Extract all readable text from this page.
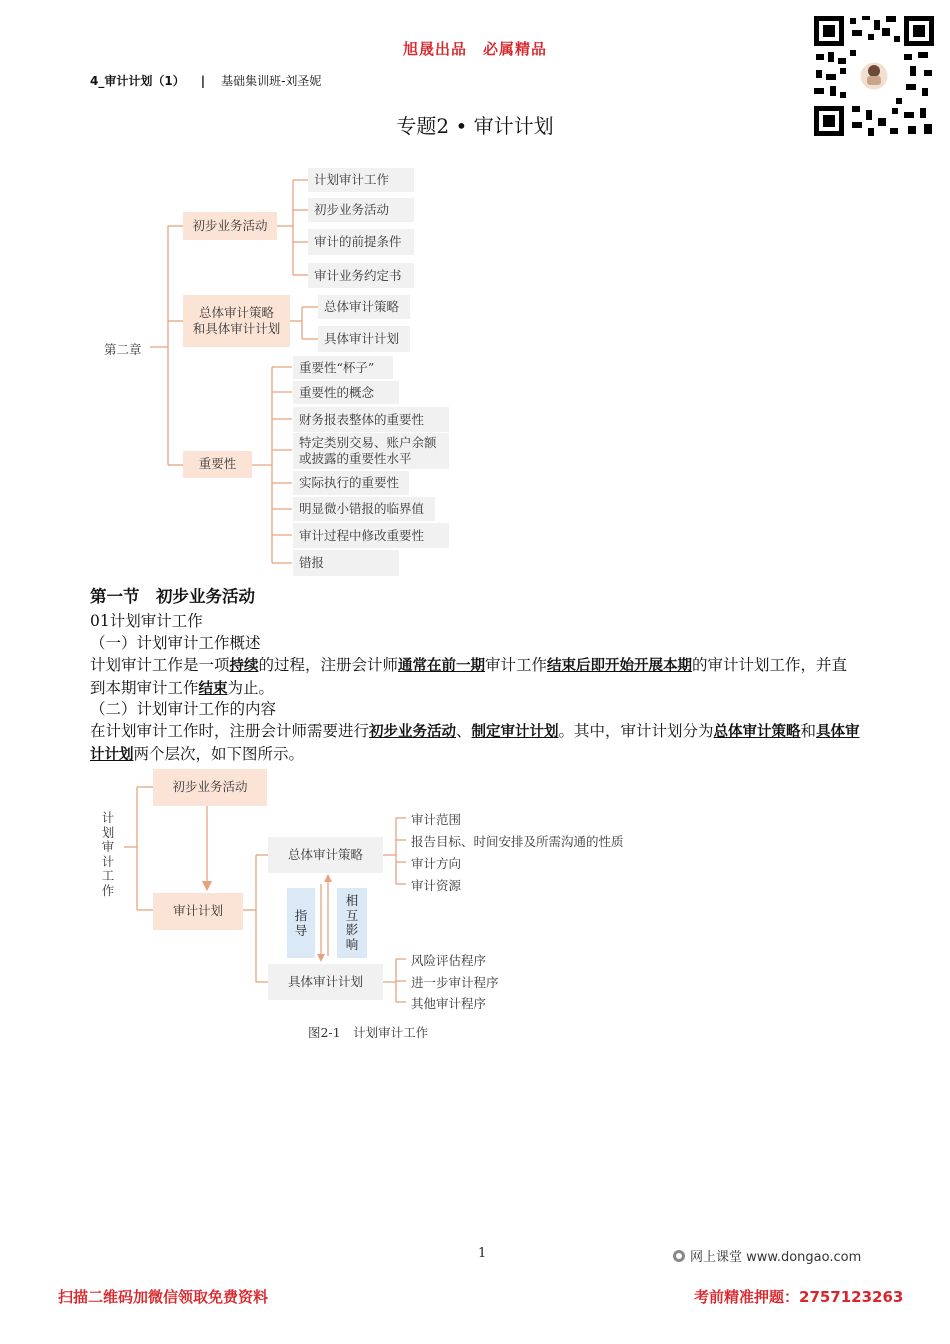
旭晟出品　必属精品
4_审计计划（1） | 基础集训班-刘圣妮
专题2 • 审计计划
第二章
初步业务活动
计划审计工作
初步业务活动
审计的前提条件
审计业务约定书
总体审计策略
和具体审计计划
总体审计策略
具体审计计划
重要性
重要性“杯子”
重要性的概念
财务报表整体的重要性
特定类别交易、账户余额
或披露的重要性水平
实际执行的重要性
明显微小错报的临界值
审计过程中修改重要性
错报
第一节　初步业务活动
01计划审计工作
（一）计划审计工作概述
计划审计工作是一项持续的过程，注册会计师通常在前一期审计工作结束后即开始开展本期的审计计划工作，并直到本期审计工作结束为止。
（二）计划审计工作的内容
在计划审计工作时，注册会计师需要进行初步业务活动、制定审计计划。其中，审计计划分为总体审计策略和具体审计计划两个层次，如下图所示。
计
划
审
计
工
作
初步业务活动
审计计划
总体审计策略
具体审计计划
指
导
相
互
影
响
审计范围
报告目标、时间安排及所需沟通的性质
审计方向
审计资源
风险评估程序
进一步审计程序
其他审计程序
图2-1　计划审计工作
1	网上课堂 www.dongao.com
扫描二维码加微信领取免费资料	考前精准押题：2757123263
